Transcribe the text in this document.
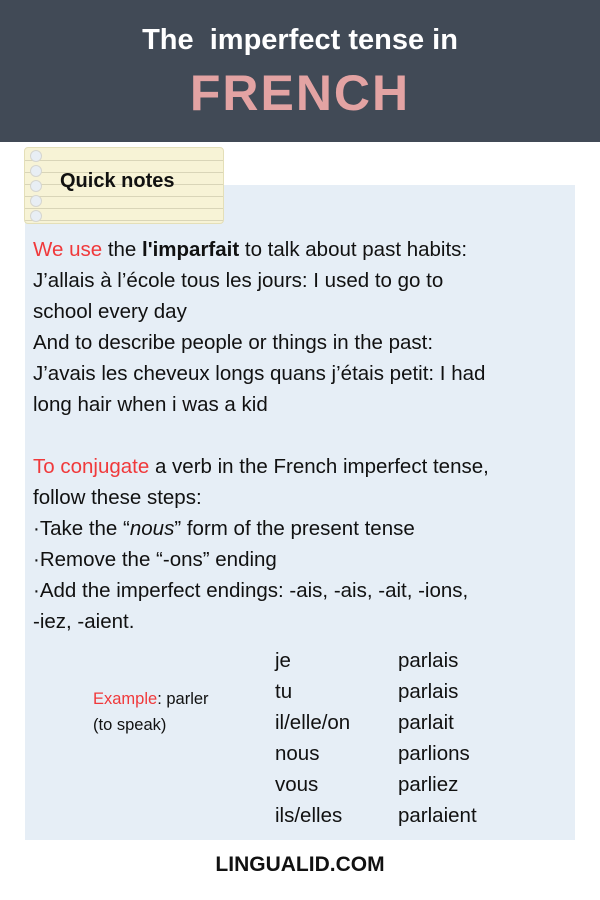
The  imperfect tense in
FRENCH
Quick notes
We use the l'imparfait to talk about past habits:
J’allais à l’école tous les jours: I used to go to
school every day
And to describe people or things in the past:
J’avais les cheveux longs quans j’étais petit: I had
long hair when i was a kid
To conjugate a verb in the French imperfect tense,
follow these steps:
·Take the “nous” form of the present tense
·Remove the “-ons” ending
·Add the imperfect endings: -ais, -ais, -ait, -ions,
-iez, -aient.
Example: parler
(to speak)
je
tu
il/elle/on
nous
vous
ils/elles
parlais
parlais
parlait
parlions
parliez
parlaient
LINGUALID.COM
